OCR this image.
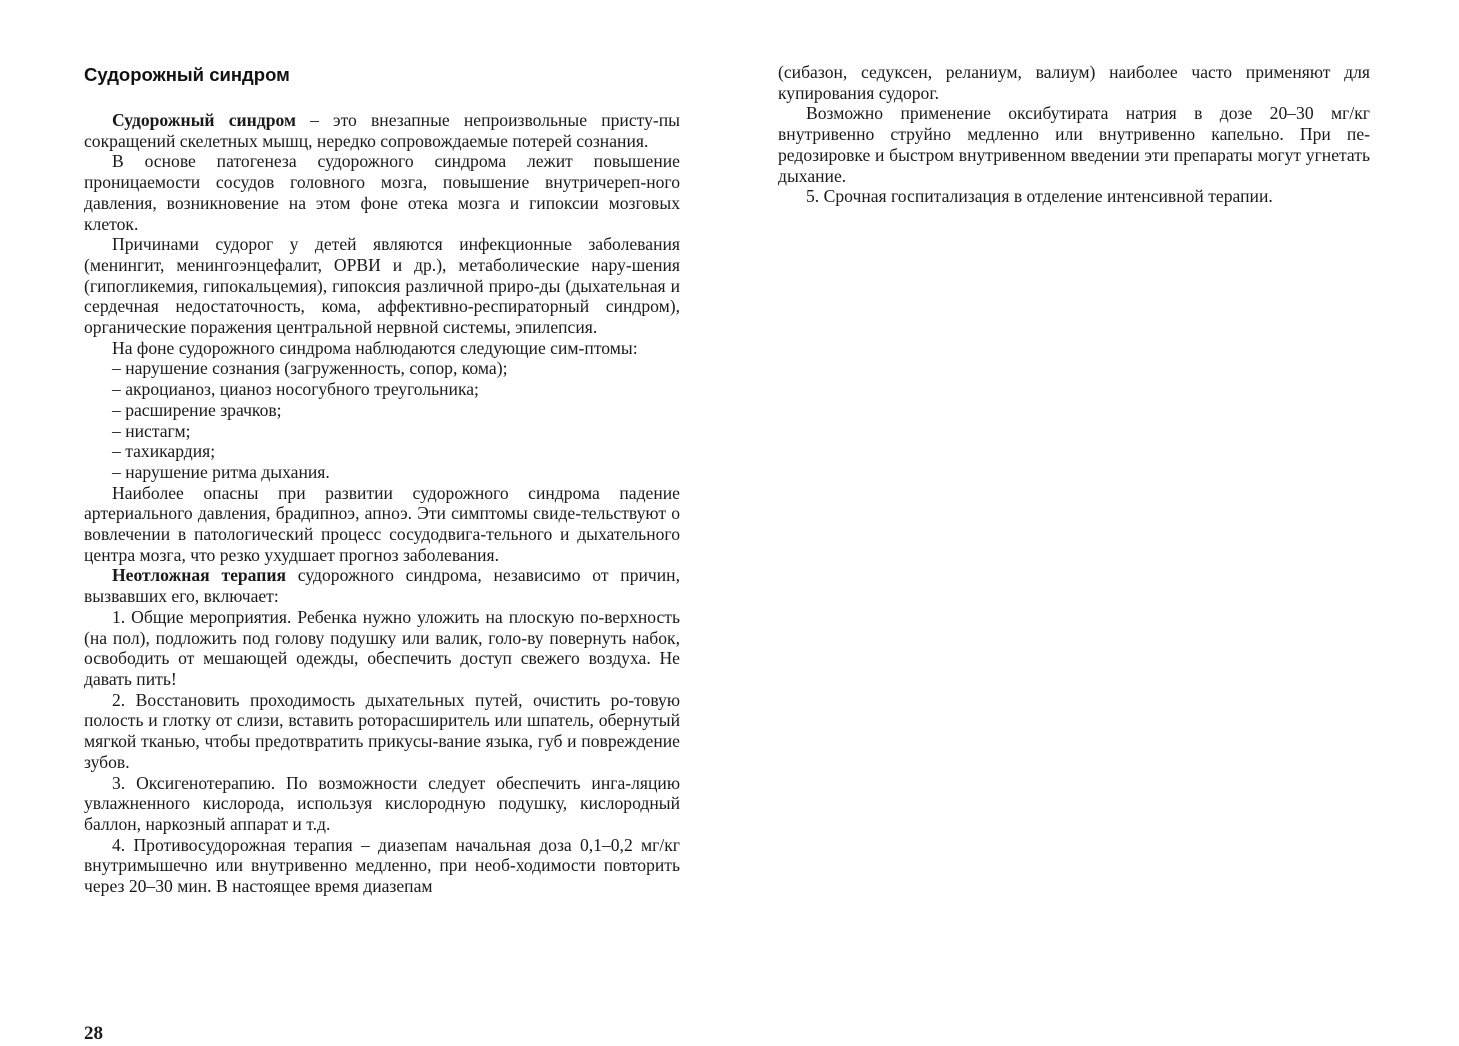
Судорожный синдром

Судорожный синдром – это внезапные непроизвольные присту-пы сокращений скелетных мышц, нередко сопровождаемые потерей сознания.

В основе патогенеза судорожного синдрома лежит повышение проницаемости сосудов головного мозга, повышение внутричереп-ного давления, возникновение на этом фоне отека мозга и гипоксии мозговых клеток.

Причинами судорог у детей являются инфекционные заболевания (менингит, менингоэнцефалит, ОРВИ и др.), метаболические нару-шения (гипогликемия, гипокальцемия), гипоксия различной приро-ды (дыхательная и сердечная недостаточность, кома, аффективно-респираторный синдром), органические поражения центральной нервной системы, эпилепсия.

На фоне судорожного синдрома наблюдаются следующие сим-птомы:

– нарушение сознания (загруженность, сопор, кома);
– акроцианоз, цианоз носогубного треугольника;
– расширение зрачков;
– нистагм;
– тахикардия;
– нарушение ритма дыхания.

Наиболее опасны при развитии судорожного синдрома падение артериального давления, брадипноэ, апноэ. Эти симптомы свиде-тельствуют о вовлечении в патологический процесс сосудодвига-тельного и дыхательного центра мозга, что резко ухудшает прогноз заболевания.

Неотложная терапия судорожного синдрома, независимо от причин, вызвавших его, включает:

1. Общие мероприятия. Ребенка нужно уложить на плоскую по-верхность (на пол), подложить под голову подушку или валик, голо-ву повернуть набок, освободить от мешающей одежды, обеспечить доступ свежего воздуха. Не давать пить!

2. Восстановить проходимость дыхательных путей, очистить ро-товую полость и глотку от слизи, вставить роторасширитель или шпатель, обернутый мягкой тканью, чтобы предотвратить прикусы-вание языка, губ и повреждение зубов.

3. Оксигенотерапию. По возможности следует обеспечить инга-ляцию увлажненного кислорода, используя кислородную подушку, кислородный баллон, наркозный аппарат и т.д.

4. Противосудорожная терапия – диазепам начальная доза 0,1–0,2 мг/кг внутримышечно или внутривенно медленно, при необ-ходимости повторить через 20–30 мин. В настоящее время диазепам

28

(сибазон, седуксен, реланиум, валиум) наиболее часто применяют для купирования судорог.

Возможно применение оксибутирата натрия в дозе 20–30 мг/кг внутривенно струйно медленно или внутривенно капельно. При пе-редозировке и быстром внутривенном введении эти препараты могут угнетать дыхание.

5. Срочная госпитализация в отделение интенсивной терапии.
